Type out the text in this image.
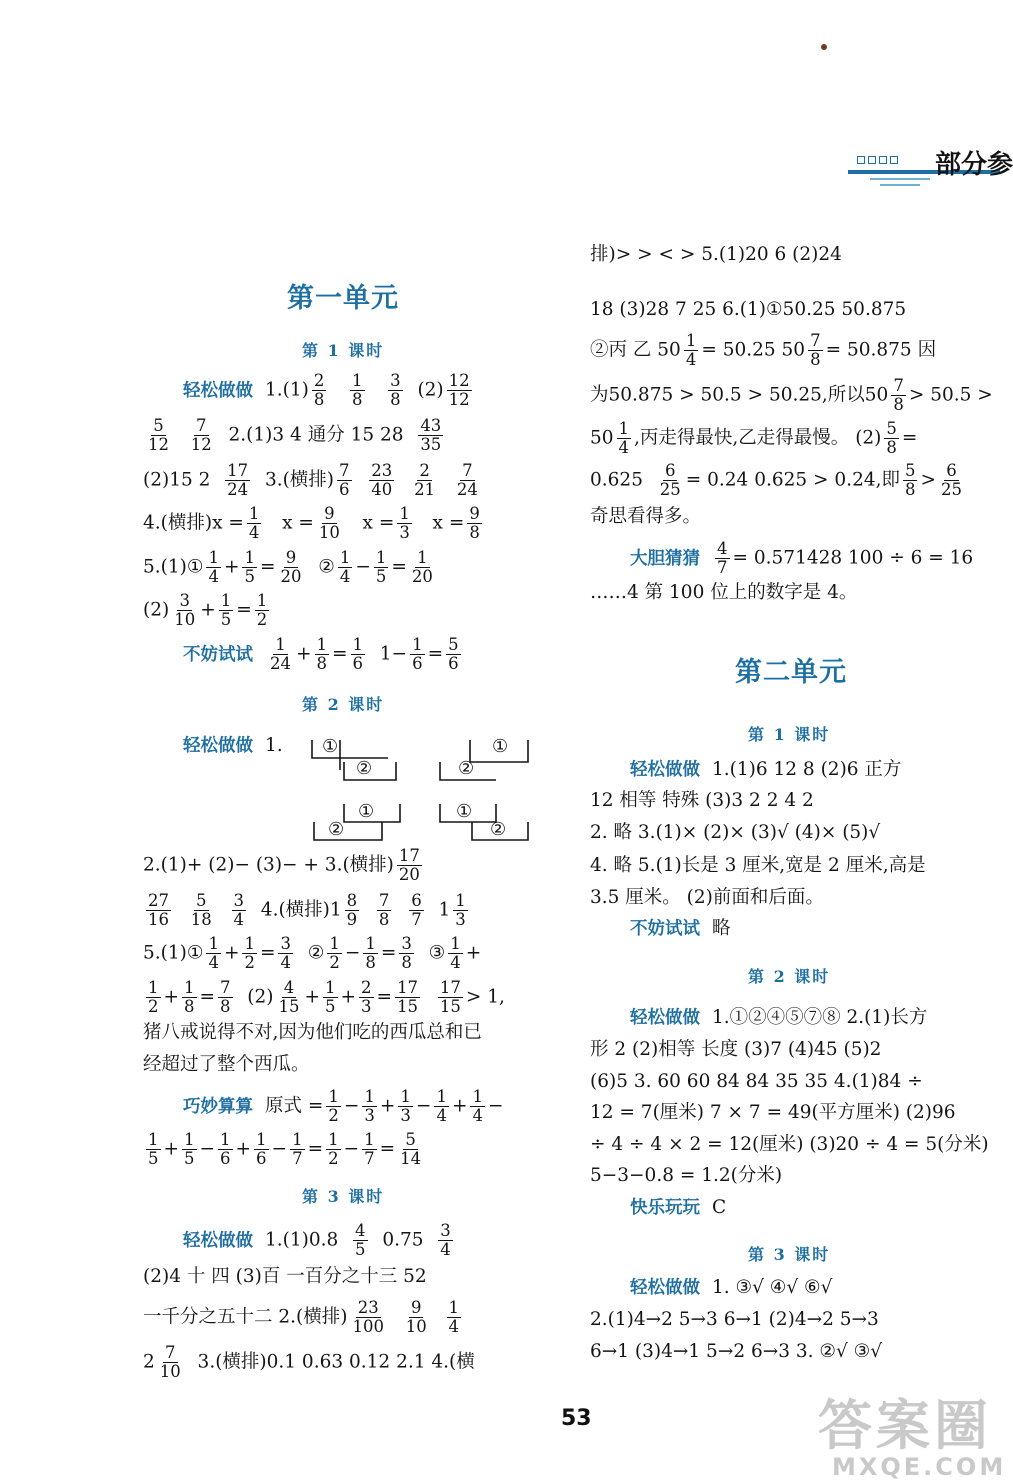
部分参
第一单元
第 1 课时
轻松做做 $1.(1) \frac{2}{8}$
$\frac{1}{8}$
$\frac{3}{8} (2) \frac{12}{12}$
$\frac{5}{12}$
$\frac{7}{12} 2.(1)3$ 4 通分 15 $28 \frac{43}{35}$
(2)15 $2 \frac{17}{24} 3$.(横排) $\frac{7}{6}$
$\frac{23}{40}$
$\frac{2}{21}$
$\frac{7}{24}$
4.(横排)$x = \frac{1}{4}$ $x = \frac{9}{10}$ $x = \frac{1}{3}$ $x = \frac{9}{8}$
5.(1)① $\frac{1}{4} + \frac{1}{5} = \frac{9}{20}$ ② $\frac{1}{4} - \frac{1}{5} = \frac{1}{20}$
$(2) \frac{3}{10} + \frac{1}{5} = \frac{1}{2}$
不妨试试 $\frac{1}{24} + \frac{1}{8} = \frac{1}{6} 1- \frac{1}{6} = \frac{5}{6}$
第 2 课时
轻松做做 1. ①
②	②
①
①
②
①
②
2.(1)+ (2)− (3)− + 3.(横排) $\frac{17}{20}$
$\frac{27}{16}$
$\frac{5}{18}$
$\frac{3}{4} 4$.(横排)$1 \frac{8}{9}$
$\frac{7}{8}$
$\frac{6}{7} 1 \frac{1}{3}$
5.(1)① $\frac{1}{4} + \frac{1}{2} = \frac{3}{4}$ ② $\frac{1}{2} - \frac{1}{8} = \frac{3}{8}$ ③ $\frac{1}{4}$ +
$\frac{1}{2} + \frac{1}{8} = \frac{7}{8} (2) \frac{4}{15} + \frac{1}{5} + \frac{2}{3} = \frac{17}{15}$
$\frac{17}{15} > 1$,
猪八戒说得不对,因为他们吃的西瓜总和已
经超过了整个西瓜。
巧妙算算 原式 = $\frac{1}{2} - \frac{1}{3} + \frac{1}{3} - \frac{1}{4} + \frac{1}{4}$ −
$\frac{1}{5} + \frac{1}{5} - \frac{1}{6} + \frac{1}{6} - \frac{1}{7} = \frac{1}{2} - \frac{1}{7} = \frac{5}{14}$
第 3 课时
轻松做做 $1.(1)0.8 \frac{4}{5} 0.75 \frac{3}{4}$
(2)4 十 四 (3)百 一百分之十三 52
一千分之五十二 2.(横排) $\frac{23}{100}$
$\frac{9}{10}$
$\frac{1}{4}$
$2 \frac{7}{10} 3$.(横排)0.1 0.63 0.12 2.1 4.(横
排)> > < > 5.(1)20 6 (2)24
18 (3)28 7 25 6.(1)①50.25 50.875
②丙 乙 $50 \frac{1}{4} = 50.25$ $50 \frac{7}{8} = 50.875$ 因
为50.875 > 50.5 > 50.25,所以$50 \frac{7}{8} > 50.5$ >
$50 \frac{1}{4}$ ,丙走得最快,乙走得最慢。 $(2) \frac{5}{8}$ =
$0.625 \frac{6}{25} = 0.24$ 0.625 > 0.24,即 $\frac{5}{8} > \frac{6}{25}$
奇思看得多。
大胆猜猜 $\frac{4}{7} = 0.571428$ 100 ÷ 6 = 16
……4 第 100 位上的数字是 4。
第二单元
第 1 课时
轻松做做 1.(1)6 12 8 (2)6 正方
12 相等 特殊 (3)3 2 2 4 2
2. 略 3.(1)× (2)× (3)√ (4)× (5)√
4. 略 5.(1)长是 3 厘米,宽是 2 厘米,高是
3.5 厘米。 (2)前面和后面。
不妨试试 略
第 2 课时
轻松做做 1.①②④⑤⑦⑧ 2.(1)长方
形 2 (2)相等 长度 (3)7 (4)45 (5)2
(6)5 3. 60 60 84 84 35 35 4.(1)84 ÷
12 = 7(厘米) 7 × 7 = 49(平方厘米) (2)96
÷ 4 ÷ 4 × 2 = 12(厘米) (3)20 ÷ 4 = 5(分米)
5−3−0.8 = 1.2(分米)
快乐玩玩 C
第 3 课时
轻松做做 1. ③√ ④√ ⑥√
2.(1)4→2 5→3 6→1 (2)4→2 5→3
6→1 (3)4→1 5→2 6→3 3. ②√ ③√
53	答案圈
MXQE.COM
